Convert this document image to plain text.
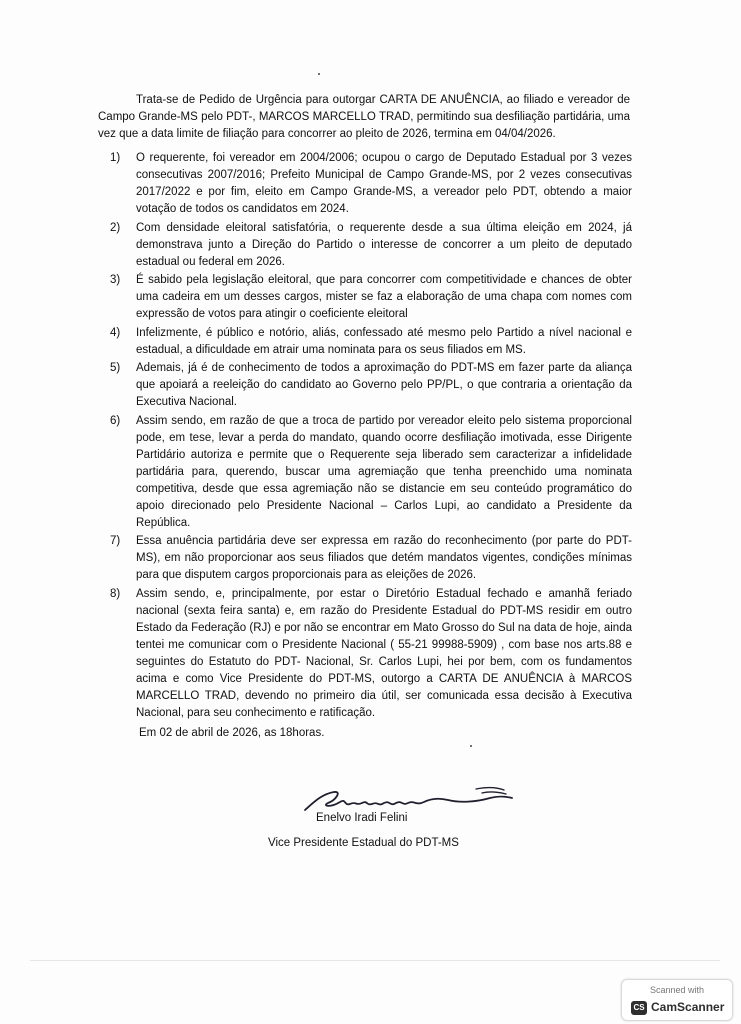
Trata-se de Pedido de Urgência para outorgar CARTA DE ANUÊNCIA, ao filiado e vereador de Campo Grande-MS pelo PDT-, MARCOS MARCELLO TRAD, permitindo sua desfiliação partidária, uma vez que a data limite de filiação para concorrer ao pleito de 2026, termina em 04/04/2026.

1) O requerente, foi vereador em 2004/2006; ocupou o cargo de Deputado Estadual por 3 vezes consecutivas 2007/2016; Prefeito Municipal de Campo Grande-MS, por 2 vezes consecutivas 2017/2022 e por fim, eleito em Campo Grande-MS, a vereador pelo PDT, obtendo a maior votação de todos os candidatos em 2024.
2) Com densidade eleitoral satisfatória, o requerente desde a sua última eleição em 2024, já demonstrava junto a Direção do Partido o interesse de concorrer a um pleito de deputado estadual ou federal em 2026.
3) É sabido pela legislação eleitoral, que para concorrer com competitividade e chances de obter uma cadeira em um desses cargos, mister se faz a elaboração de uma chapa com nomes com expressão de votos para atingir o coeficiente eleitoral
4) Infelizmente, é público e notório, aliás, confessado até mesmo pelo Partido a nível nacional e estadual, a dificuldade em atrair uma nominata para os seus filiados em MS.
5) Ademais, já é de conhecimento de todos a aproximação do PDT-MS em fazer parte da aliança que apoiará a reeleição do candidato ao Governo pelo PP/PL, o que contraria a orientação da Executiva Nacional.
6) Assim sendo, em razão de que a troca de partido por vereador eleito pelo sistema proporcional pode, em tese, levar a perda do mandato, quando ocorre desfiliação imotivada, esse Dirigente Partidário autoriza e permite que o Requerente seja liberado sem caracterizar a infidelidade partidária para, querendo, buscar uma agremiação que tenha preenchido uma nominata competitiva, desde que essa agremiação não se distancie em seu conteúdo programático do apoio direcionado pelo Presidente Nacional – Carlos Lupi, ao candidato a Presidente da República.
7) Essa anuência partidária deve ser expressa em razão do reconhecimento (por parte do PDT-MS), em não proporcionar aos seus filiados que detém mandatos vigentes, condições mínimas para que disputem cargos proporcionais para as eleições de 2026.
8) Assim sendo, e, principalmente, por estar o Diretório Estadual fechado e amanhã feriado nacional (sexta feira santa) e, em razão do Presidente Estadual do PDT-MS residir em outro Estado da Federação (RJ) e por não se encontrar em Mato Grosso do Sul na data de hoje, ainda tentei me comunicar com o Presidente Nacional ( 55-21 99988-5909) , com base nos arts.88 e seguintes do Estatuto do PDT- Nacional, Sr. Carlos Lupi, hei por bem, com os fundamentos acima e como Vice Presidente do PDT-MS, outorgo a CARTA DE ANUÊNCIA à MARCOS MARCELLO TRAD, devendo no primeiro dia útil, ser comunicada essa decisão à Executiva Nacional, para seu conhecimento e ratificação.
Em 02 de abril de 2026, as 18horas.
Enelvo Iradi Felini
Vice Presidente Estadual do PDT-MS
Scanned with
CS CamScanner
